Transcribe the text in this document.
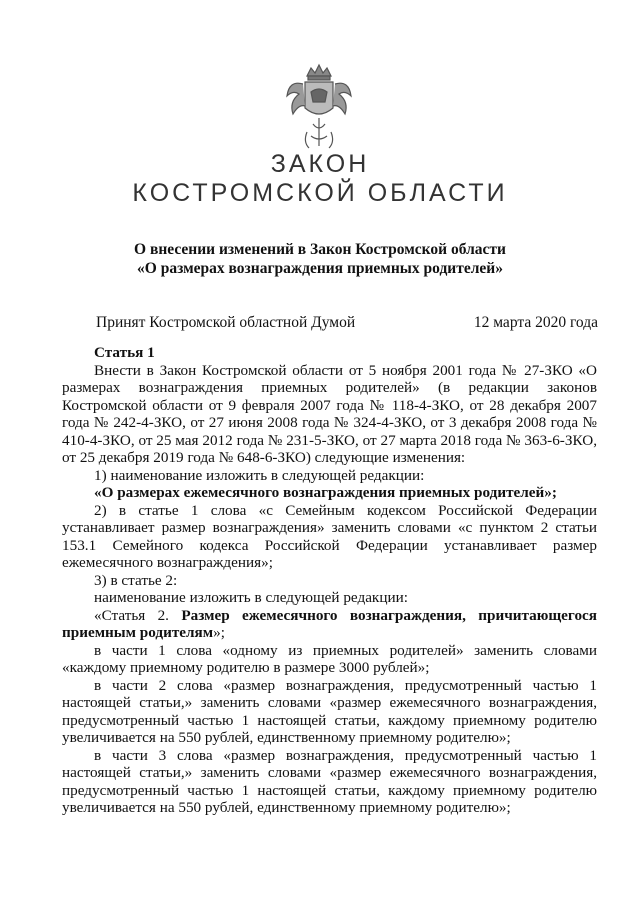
ЗАКОН
КОСТРОМСКОЙ ОБЛАСТИ
О внесении изменений в Закон Костромской области
«О размерах вознаграждения приемных родителей»
Принят Костромской областной Думой	12 марта 2020 года

Статья 1

Внести в Закон Костромской области от 5 ноября 2001 года № 27-ЗКО «О размерах вознаграждения приемных родителей» (в редакции законов Костромской области от 9 февраля 2007 года № 118-4-ЗКО, от 28 декабря 2007 года № 242-4-ЗКО, от 27 июня 2008 года № 324-4-ЗКО, от 3 декабря 2008 года № 410-4-ЗКО, от 25 мая 2012 года № 231-5-ЗКО, от 27 марта 2018 года № 363-6-ЗКО, от 25 декабря 2019 года № 648-6-ЗКО) следующие изменения:

1) наименование изложить в следующей редакции:

«О размерах ежемесячного вознаграждения приемных родителей»;

2) в статье 1 слова «с Семейным кодексом Российской Федерации устанавливает размер вознаграждения» заменить словами «с пунктом 2 статьи 153.1 Семейного кодекса Российской Федерации устанавливает размер ежемесячного вознаграждения»;

3) в статье 2:

наименование изложить в следующей редакции:

«Статья 2. Размер ежемесячного вознаграждения, причитающегося приемным родителям»;

в части 1 слова «одному из приемных родителей» заменить словами «каждому приемному родителю в размере 3000 рублей»;

в части 2 слова «размер вознаграждения, предусмотренный частью 1 настоящей статьи,» заменить словами «размер ежемесячного вознаграждения, предусмотренный частью 1 настоящей статьи, каждому приемному родителю увеличивается на 550 рублей, единственному приемному родителю»;

в части 3 слова «размер вознаграждения, предусмотренный частью 1 настоящей статьи,» заменить словами «размер ежемесячного вознаграждения, предусмотренный частью 1 настоящей статьи, каждому приемному родителю увеличивается на 550 рублей, единственному приемному родителю»;
